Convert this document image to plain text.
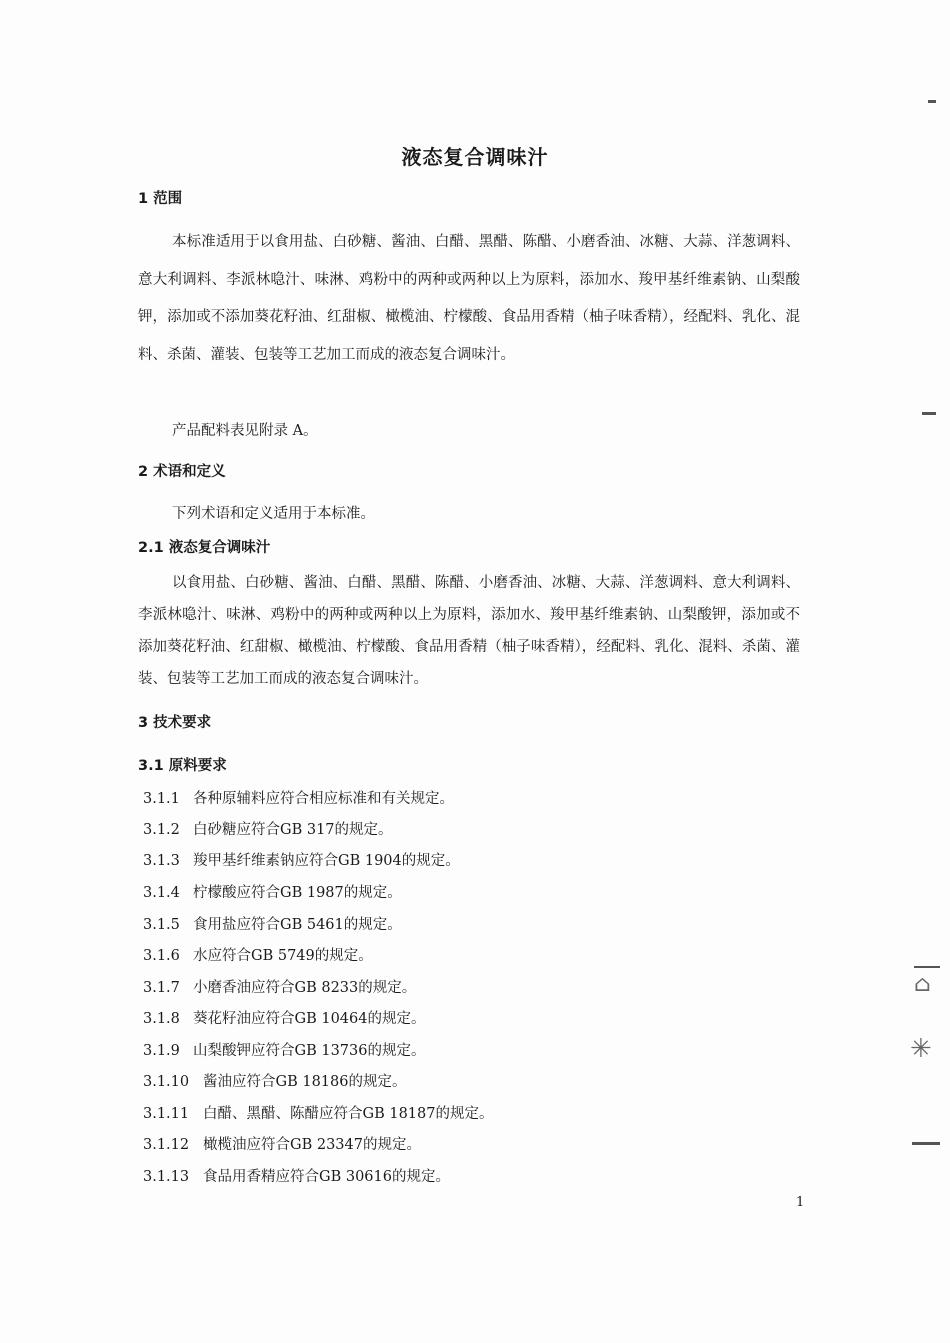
液态复合调味汁
1 范围
本标准适用于以食用盐、白砂糖、酱油、白醋、黑醋、陈醋、小磨香油、冰糖、大蒜、洋葱调料、意大利调料、李派林喼汁、味淋、鸡粉中的两种或两种以上为原料，添加水、羧甲基纤维素钠、山梨酸钾，添加或不添加葵花籽油、红甜椒、橄榄油、柠檬酸、食品用香精（柚子味香精），经配料、乳化、混料、杀菌、灌装、包装等工艺加工而成的液态复合调味汁。
产品配料表见附录 A。
2 术语和定义
下列术语和定义适用于本标准。
2.1 液态复合调味汁
以食用盐、白砂糖、酱油、白醋、黑醋、陈醋、小磨香油、冰糖、大蒜、洋葱调料、意大利调料、李派林喼汁、味淋、鸡粉中的两种或两种以上为原料，添加水、羧甲基纤维素钠、山梨酸钾，添加或不添加葵花籽油、红甜椒、橄榄油、柠檬酸、食品用香精（柚子味香精），经配料、乳化、混料、杀菌、灌装、包装等工艺加工而成的液态复合调味汁。
3 技术要求
3.1 原料要求
3.1.1 各种原辅料应符合相应标准和有关规定。
3.1.2 白砂糖应符合GB 317的规定。
3.1.3 羧甲基纤维素钠应符合GB 1904的规定。
3.1.4 柠檬酸应符合GB 1987的规定。
3.1.5 食用盐应符合GB 5461的规定。
3.1.6 水应符合GB 5749的规定。
3.1.7 小磨香油应符合GB 8233的规定。
3.1.8 葵花籽油应符合GB 10464的规定。
3.1.9 山梨酸钾应符合GB 13736的规定。
3.1.10 酱油应符合GB 18186的规定。
3.1.11 白醋、黑醋、陈醋应符合GB 18187的规定。
3.1.12 橄榄油应符合GB 23347的规定。
3.1.13 食品用香精应符合GB 30616的规定。
1
⌂
✳
